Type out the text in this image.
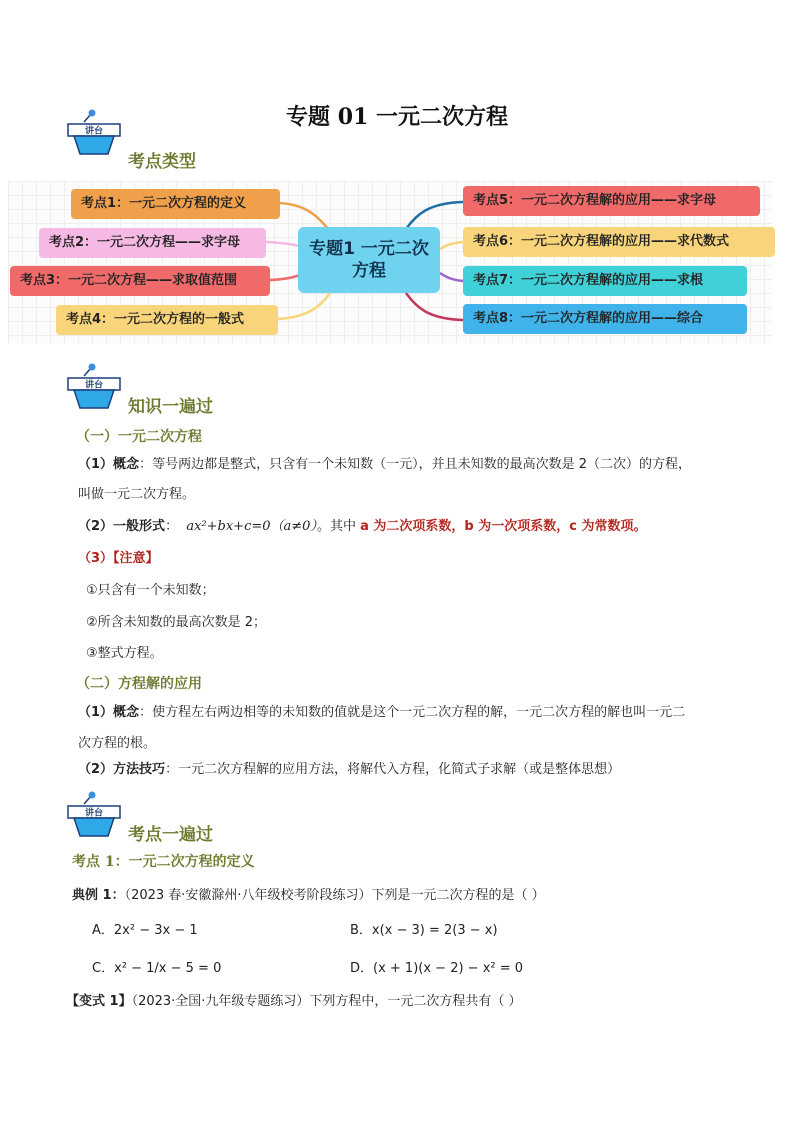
专题 01 一元二次方程
讲台
考点类型
专题1 一元二次方程
考点1：一元二次方程的定义
考点2：一元二次方程——求字母
考点3：一元二次方程——求取值范围
考点4：一元二次方程的一般式
考点5：一元二次方程解的应用——求字母
考点6：一元二次方程解的应用——求代数式
考点7：一元二次方程解的应用——求根
考点8：一元二次方程解的应用——综合
讲台
知识一遍过
（一）一元二次方程
（1）概念：等号两边都是整式，只含有一个未知数（一元），并且未知数的最高次数是 2（二次）的方程，
叫做一元二次方程。
（2）一般形式： ax²+bx+c=0（a≠0）。其中 a 为二次项系数，b 为一次项系数，c 为常数项。
（3）【注意】
①只含有一个未知数；
②所含未知数的最高次数是 2；
③整式方程。
（二）方程解的应用
（1）概念：使方程左右两边相等的未知数的值就是这个一元二次方程的解，一元二次方程的解也叫一元二
次方程的根。
（2）方法技巧：一元二次方程解的应用方法，将解代入方程，化简式子求解（或是整体思想）
讲台
考点一遍过
考点 1：一元二次方程的定义
典例 1：（2023 春·安徽滁州·八年级校考阶段练习）下列是一元二次方程的是（ ）
A．2x² − 3x − 1	B．x(x − 3) = 2(3 − x)
C．x² − 1/x − 5 = 0	D．(x + 1)(x − 2) − x² = 0
【变式 1】（2023·全国·九年级专题练习）下列方程中，一元二次方程共有（ ）
